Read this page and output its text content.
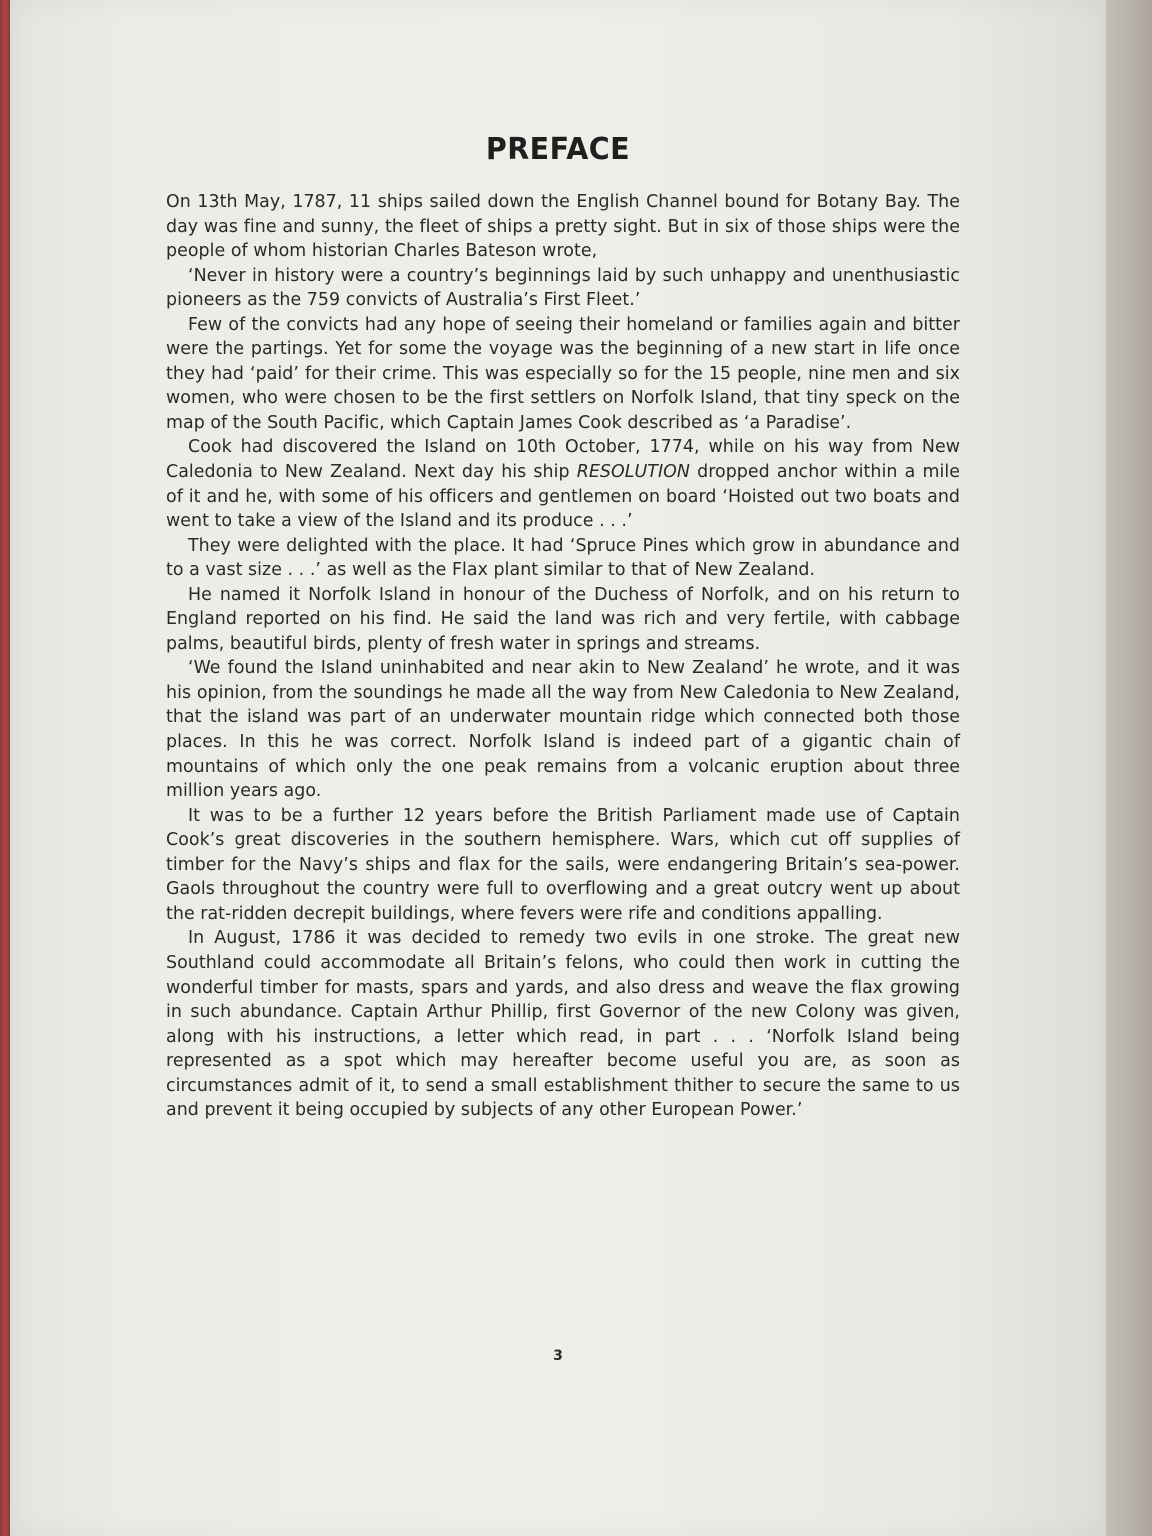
PREFACE

On 13th May, 1787, 11 ships sailed down the English Channel bound for Botany Bay. The day was fine and sunny, the fleet of ships a pretty sight. But in six of those ships were the people of whom historian Charles Bateson wrote,

‘Never in history were a country’s beginnings laid by such unhappy and unenthusiastic pioneers as the 759 convicts of Australia’s First Fleet.’

Few of the convicts had any hope of seeing their homeland or families again and bitter were the partings. Yet for some the voyage was the beginning of a new start in life once they had ‘paid’ for their crime. This was especially so for the 15 people, nine men and six women, who were chosen to be the first settlers on Norfolk Island, that tiny speck on the map of the South Pacific, which Captain James Cook described as ‘a Paradise’.

Cook had discovered the Island on 10th October, 1774, while on his way from New Caledonia to New Zealand. Next day his ship RESOLUTION dropped anchor within a mile of it and he, with some of his officers and gentlemen on board ‘Hoisted out two boats and went to take a view of the Island and its produce . . .’

They were delighted with the place. It had ‘Spruce Pines which grow in abundance and to a vast size . . .’ as well as the Flax plant similar to that of New Zealand.

He named it Norfolk Island in honour of the Duchess of Norfolk, and on his return to England reported on his find. He said the land was rich and very fertile, with cabbage palms, beautiful birds, plenty of fresh water in springs and streams.

‘We found the Island uninhabited and near akin to New Zealand’ he wrote, and it was his opinion, from the soundings he made all the way from New Caledonia to New Zealand, that the island was part of an underwater mountain ridge which connected both those places. In this he was correct. Norfolk Island is indeed part of a gigantic chain of mountains of which only the one peak remains from a volcanic eruption about three million years ago.

It was to be a further 12 years before the British Parliament made use of Captain Cook’s great discoveries in the southern hemisphere. Wars, which cut off supplies of timber for the Navy’s ships and flax for the sails, were endangering Britain’s sea-power. Gaols throughout the country were full to overflowing and a great outcry went up about the rat-ridden decrepit buildings, where fevers were rife and conditions appalling.

In August, 1786 it was decided to remedy two evils in one stroke. The great new Southland could accommodate all Britain’s felons, who could then work in cutting the wonderful timber for masts, spars and yards, and also dress and weave the flax growing in such abundance. Captain Arthur Phillip, first Governor of the new Colony was given, along with his instructions, a letter which read, in part . . . ‘Norfolk Island being represented as a spot which may hereafter become useful you are, as soon as circumstances admit of it, to send a small establishment thither to secure the same to us and prevent it being occupied by subjects of any other European Power.’

3
